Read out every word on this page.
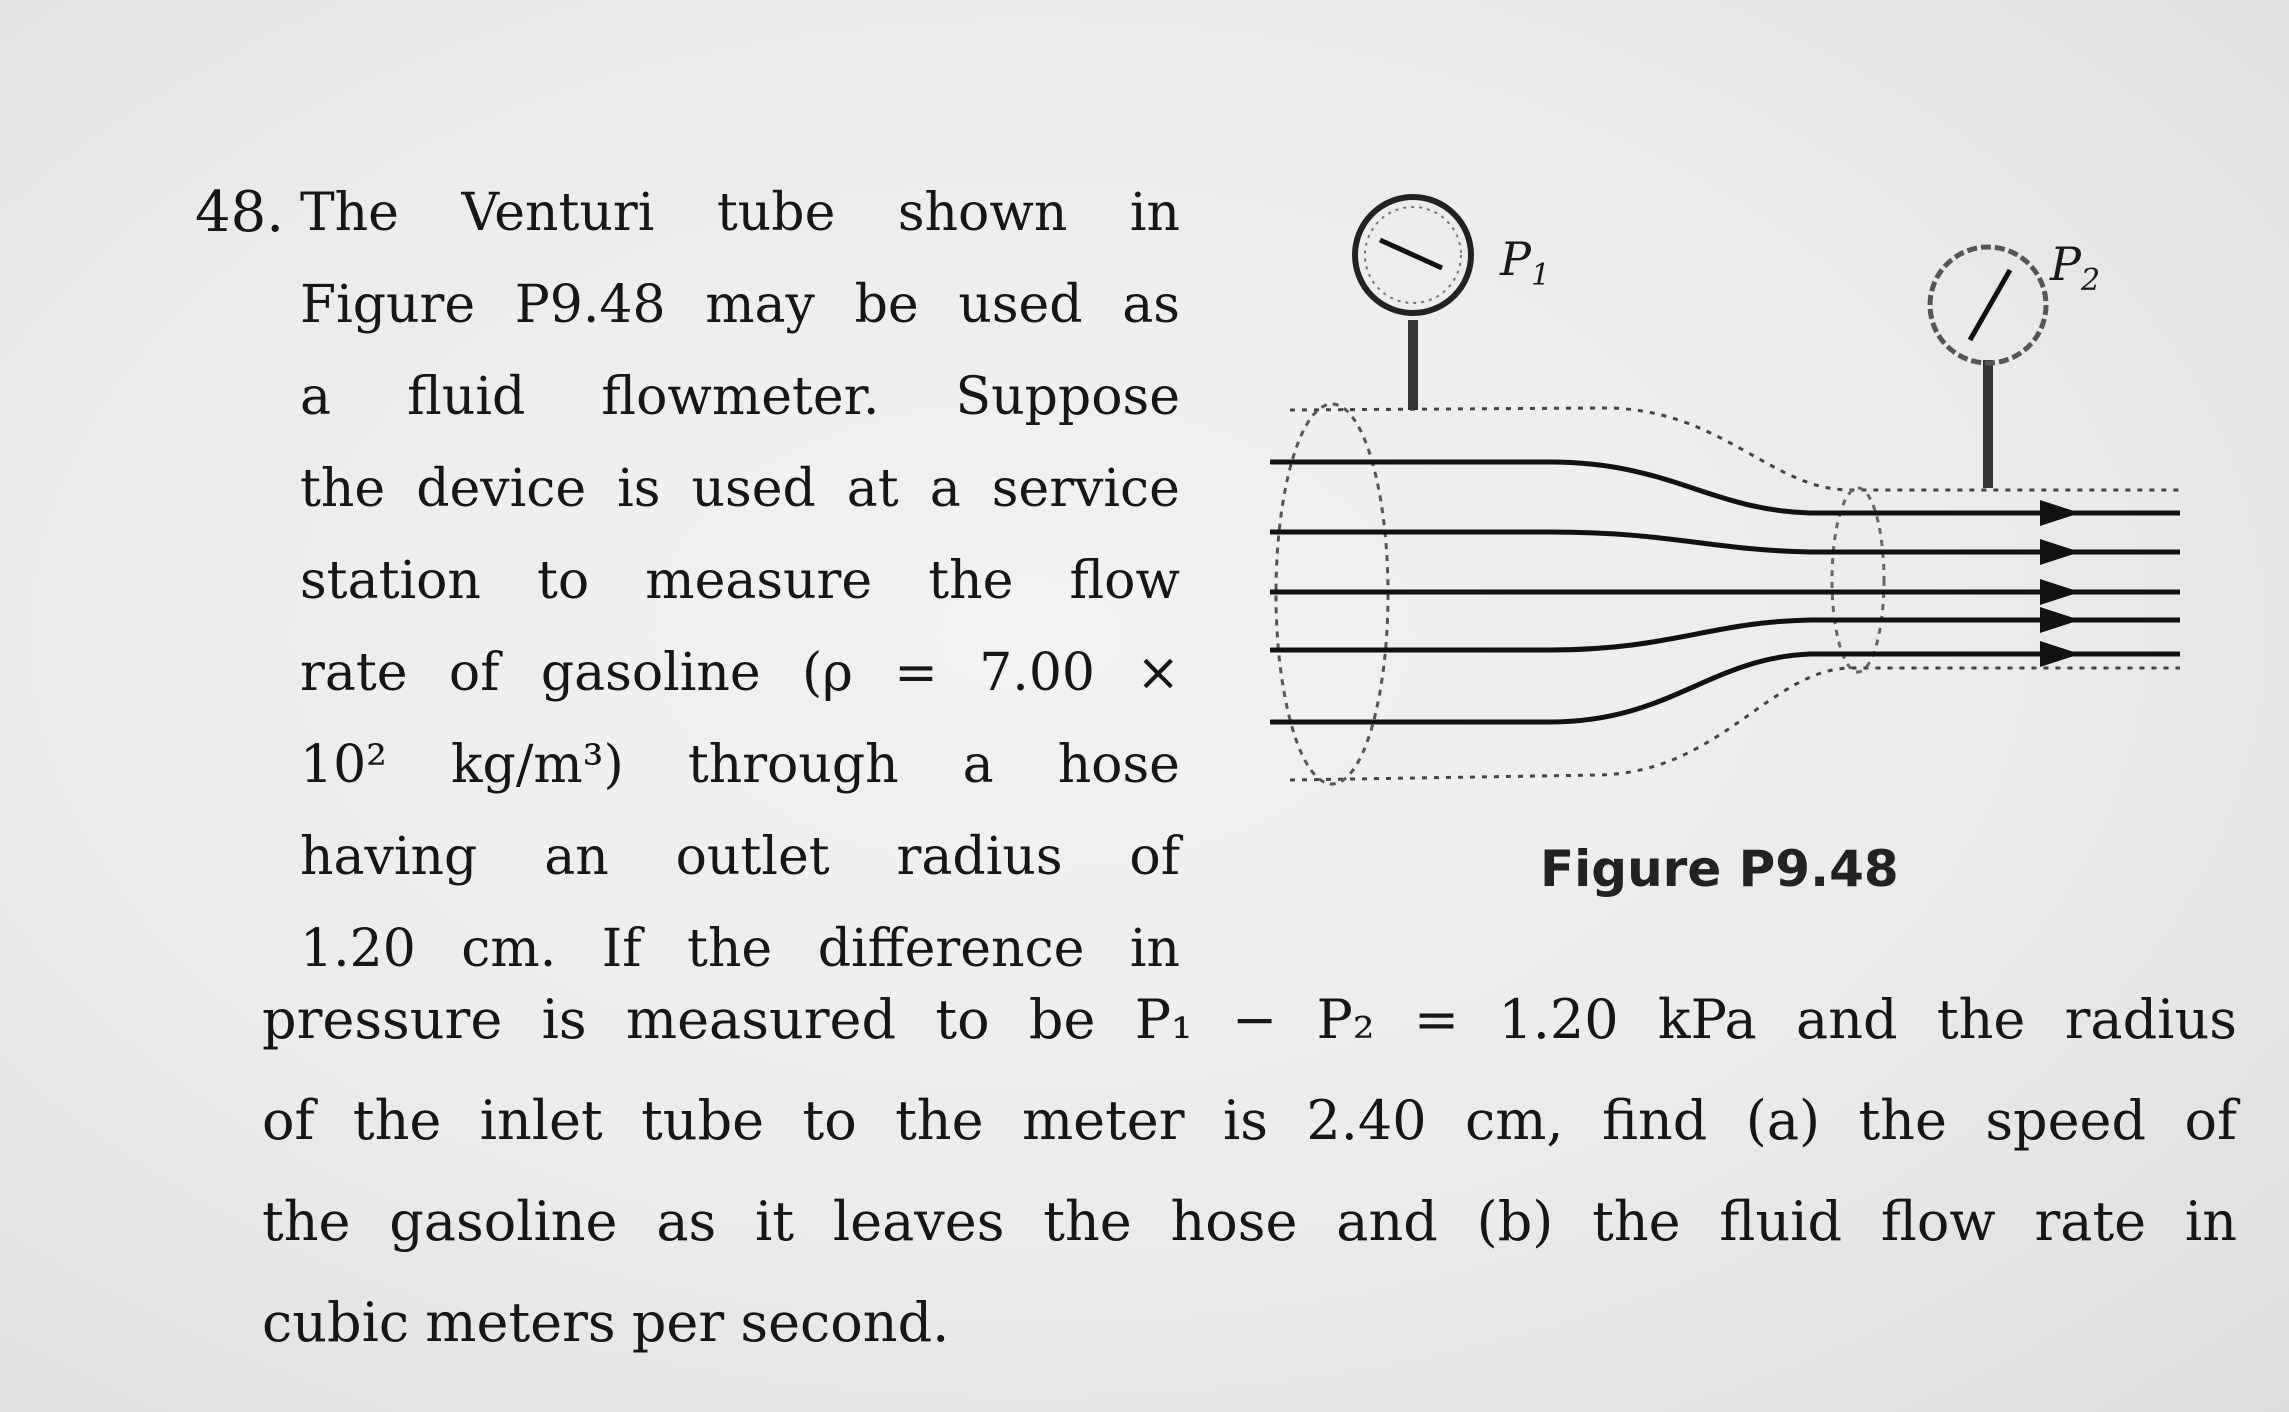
48. The Venturi tube shown in
Figure P9.48 may be used as
a fluid flowmeter. Suppose
the device is used at a service
station to measure the flow
rate of gasoline (ρ = 7.00 ×
10² kg/m³) through a hose
having an outlet radius of
1.20 cm. If the difference in
pressure is measured to be P₁ − P₂ = 1.20 kPa and the radius
of the inlet tube to the meter is 2.40 cm, find (a) the speed of
the gasoline as it leaves the hose and (b) the fluid flow rate in
cubic meters per second.
$P_1$	$P_2$
Figure P9.48
